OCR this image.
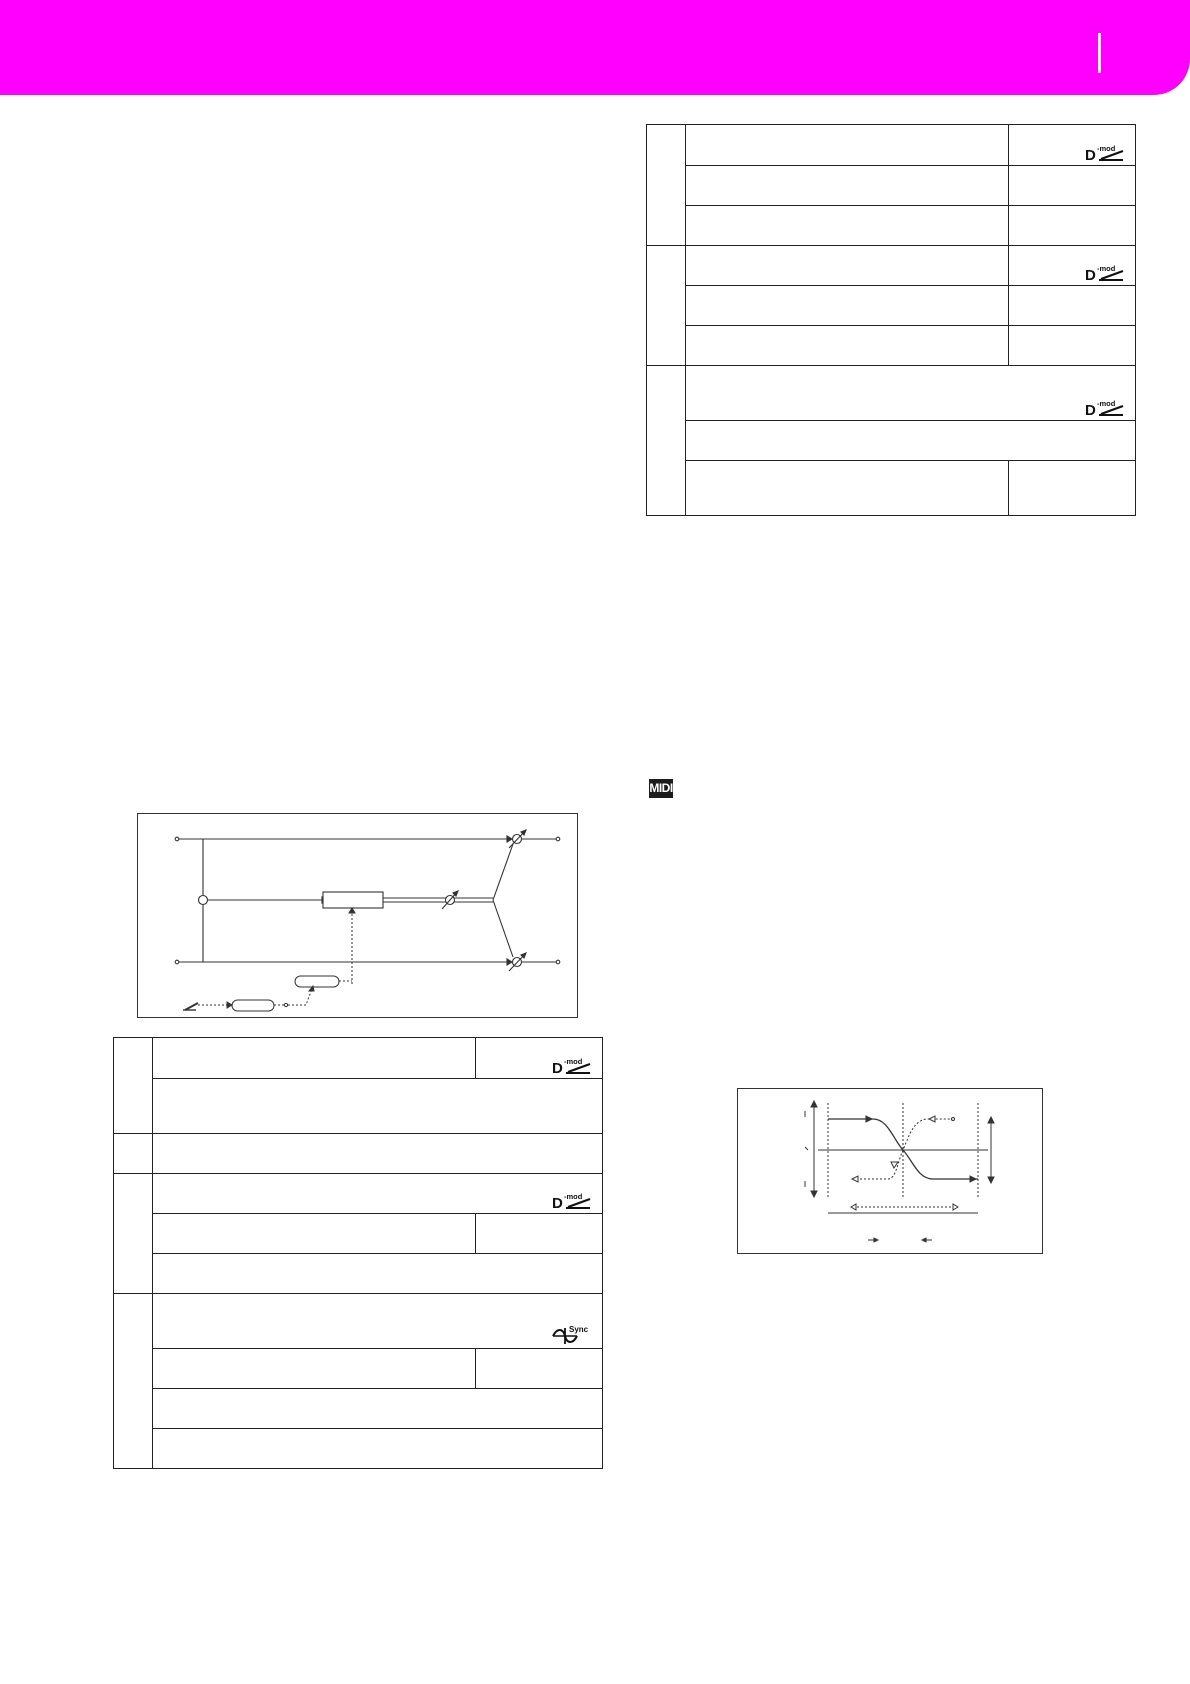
D -mod
D -mod
Sync
D -mod
D -mod
D -mod
MIDI
